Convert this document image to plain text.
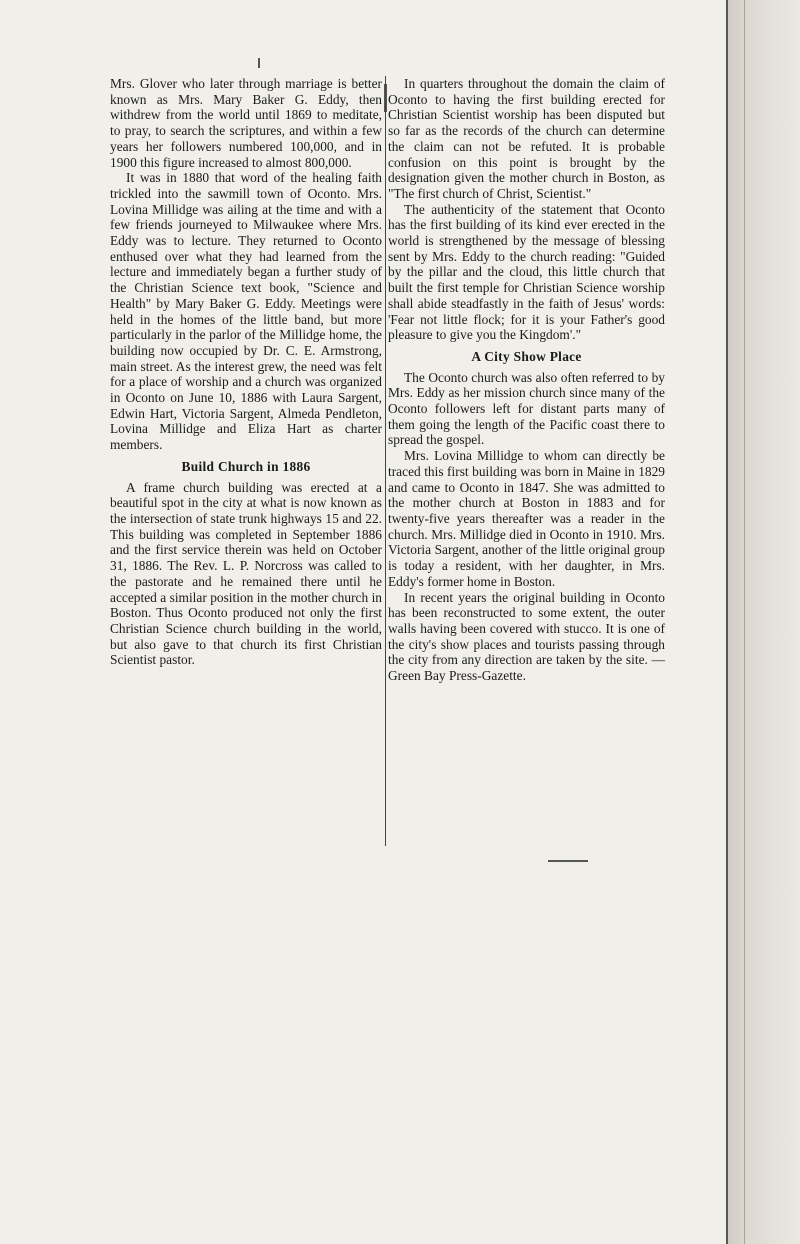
Mrs. Glover who later through marriage is better known as Mrs. Mary Baker G. Eddy, then withdrew from the world until 1869 to meditate, to pray, to search the scriptures, and within a few years her followers numbered 100,000, and in 1900 this figure increased to almost 800,000.

It was in 1880 that word of the healing faith trickled into the sawmill town of Oconto. Mrs. Lovina Millidge was ailing at the time and with a few friends journeyed to Milwaukee where Mrs. Eddy was to lecture. They returned to Oconto enthused over what they had learned from the lecture and immediately began a further study of the Christian Science text book, "Science and Health" by Mary Baker G. Eddy. Meetings were held in the homes of the little band, but more particularly in the parlor of the Millidge home, the building now occupied by Dr. C. E. Armstrong, main street. As the interest grew, the need was felt for a place of worship and a church was organized in Oconto on June 10, 1886 with Laura Sargent, Edwin Hart, Victoria Sargent, Almeda Pendleton, Lovina Millidge and Eliza Hart as charter members.

Build Church in 1886

A frame church building was erected at a beautiful spot in the city at what is now known as the intersection of state trunk highways 15 and 22. This building was completed in September 1886 and the first service therein was held on October 31, 1886. The Rev. L. P. Norcross was called to the pastorate and he remained there until he accepted a similar position in the mother church in Boston. Thus Oconto produced not only the first Christian Science church building in the world, but also gave to that church its first Christian Scientist pastor.

In quarters throughout the domain the claim of Oconto to having the first building erected for Christian Scientist worship has been disputed but so far as the records of the church can determine the claim can not be refuted. It is probable confusion on this point is brought by the designation given the mother church in Boston, as "The first church of Christ, Scientist."

The authenticity of the statement that Oconto has the first building of its kind ever erected in the world is strengthened by the message of blessing sent by Mrs. Eddy to the church reading: "Guided by the pillar and the cloud, this little church that built the first temple for Christian Science worship shall abide steadfastly in the faith of Jesus' words: 'Fear not little flock; for it is your Father's good pleasure to give you the Kingdom'."

A City Show Place

The Oconto church was also often referred to by Mrs. Eddy as her mission church since many of the Oconto followers left for distant parts many of them going the length of the Pacific coast there to spread the gospel.

Mrs. Lovina Millidge to whom can directly be traced this first building was born in Maine in 1829 and came to Oconto in 1847. She was admitted to the mother church at Boston in 1883 and for twenty-five years thereafter was a reader in the church. Mrs. Millidge died in Oconto in 1910. Mrs. Victoria Sargent, another of the little original group is today a resident, with her daughter, in Mrs. Eddy's former home in Boston.

In recent years the original building in Oconto has been reconstructed to some extent, the outer walls having been covered with stucco. It is one of the city's show places and tourists passing through the city from any direction are taken by the site. — Green Bay Press-Gazette.
